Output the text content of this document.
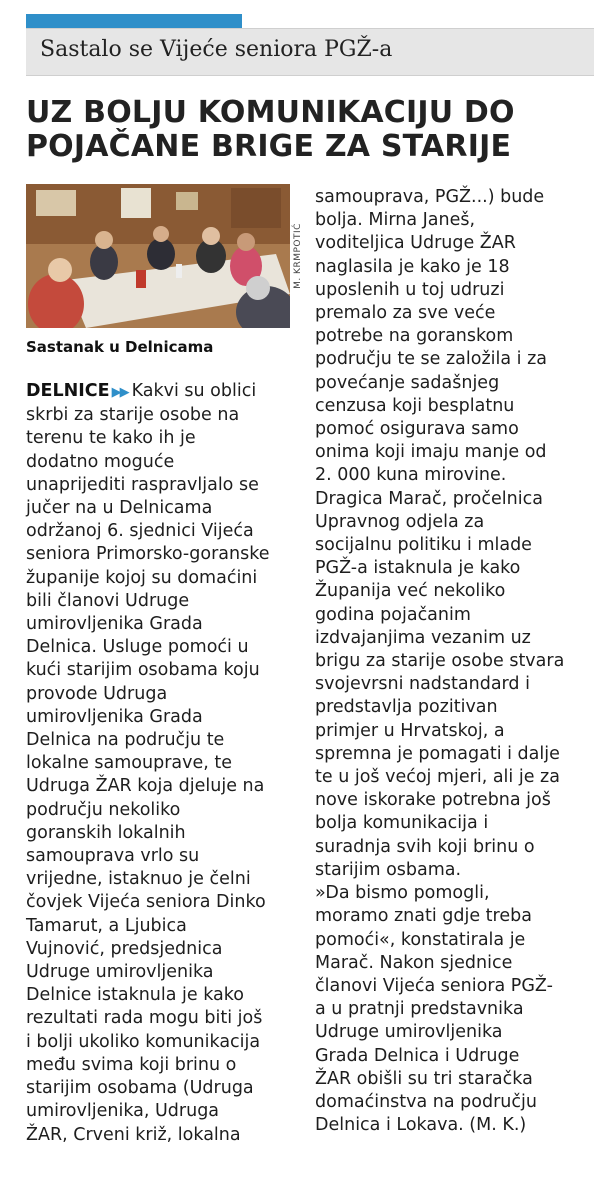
Sastalo se Vijeće seniora PGŽ-a
UZ BOLJU KOMUNIKACIJU DO
POJAČANE BRIGE ZA STARIJE
M. KRMPOTIĆ
Sastanak u Delnicama
DELNICE ▶▶ Kakvi su oblici
skrbi za starije osobe na
terenu te kako ih je
dodatno moguće
unaprijediti raspravljalo se
jučer na u Delnicama
održanoj 6. sjednici Vijeća
seniora Primorsko-goranske
županije kojoj su domaćini
bili članovi Udruge
umirovljenika Grada
Delnica. Usluge pomoći u
kući starijim osobama koju
provode Udruga
umirovljenika Grada
Delnica na području te
lokalne samouprave, te
Udruga ŽAR koja djeluje na
području nekoliko
goranskih lokalnih
samouprava vrlo su
vrijedne, istaknuo je čelni
čovjek Vijeća seniora Dinko
Tamarut, a Ljubica
Vujnović, predsjednica
Udruge umirovljenika
Delnice istaknula je kako
rezultati rada mogu biti još
i bolji ukoliko komunikacija
među svima koji brinu o
starijim osobama (Udruga
umirovljenika, Udruga
ŽAR, Crveni križ, lokalna
samouprava, PGŽ...) bude
bolja. Mirna Janeš,
voditeljica Udruge ŽAR
naglasila je kako je 18
uposlenih u toj udruzi
premalo za sve veće
potrebe na goranskom
području te se založila i za
povećanje sadašnjeg
cenzusa koji besplatnu
pomoć osigurava samo
onima koji imaju manje od
2. 000 kuna mirovine.
Dragica Marač, pročelnica
Upravnog odjela za
socijalnu politiku i mlade
PGŽ-a istaknula je kako
Županija već nekoliko
godina pojačanim
izdvajanjima vezanim uz
brigu za starije osobe stvara
svojevrsni nadstandard i
predstavlja pozitivan
primjer u Hrvatskoj, a
spremna je pomagati i dalje
te u još većoj mjeri, ali je za
nove iskorake potrebna još
bolja komunikacija i
suradnja svih koji brinu o
starijim osbama.
»Da bismo pomogli,
moramo znati gdje treba
pomoći«, konstatirala je
Marač. Nakon sjednice
članovi Vijeća seniora PGŽ-
a u pratnji predstavnika
Udruge umirovljenika
Grada Delnica i Udruge
ŽAR obišli su tri staračka
domaćinstva na području
Delnica i Lokava. (M. K.)
